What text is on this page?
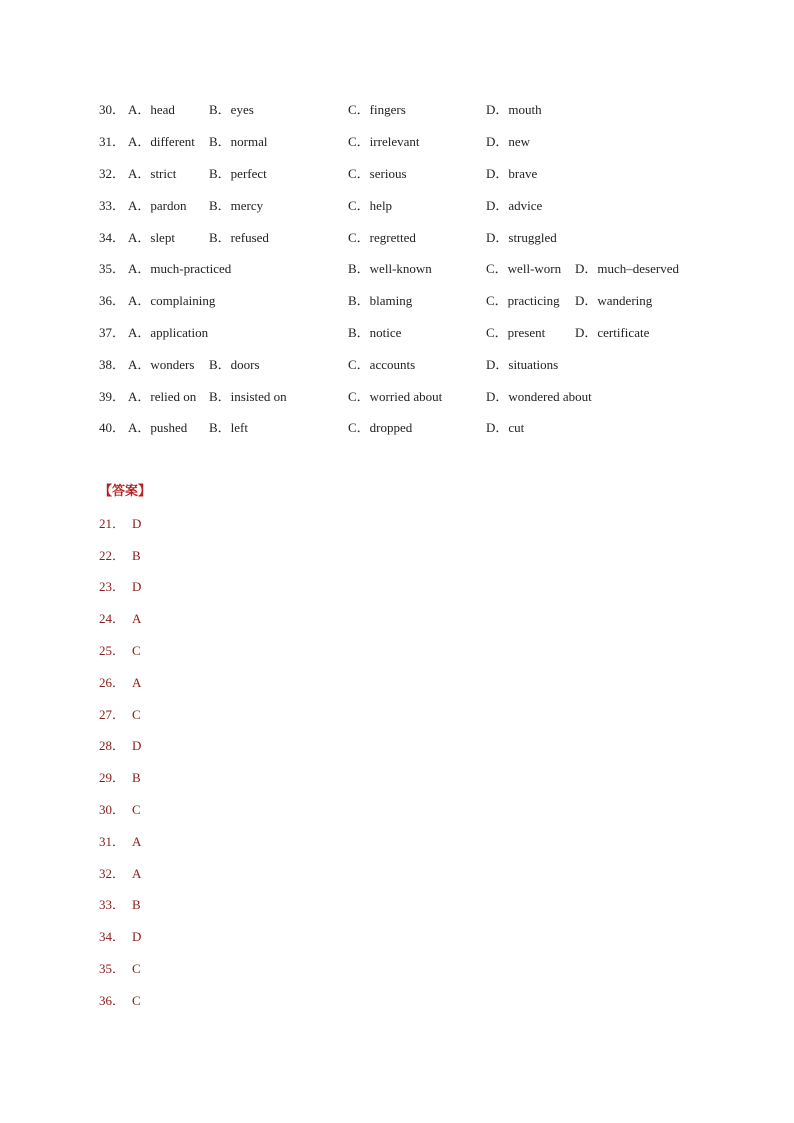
30． A．head	B．eyes	C．fingers	D．mouth
31． A．different B．normal	C．irrelevant	D．new
32． A．strict	B．perfect	C．serious	D．brave
33． A．pardon B．mercy	C．help	D．advice
34． A．slept	B．refused	C．regretted	D．struggled
35． A．much-practiced	B．well-known	C．well-worn D．much–deserved
36． A．complaining	B．blaming	C．practicing D．wandering
37． A．application	B．notice	C．present D．certificate
38． A．wonders B．doors	C．accounts	D．situations
39． A．relied on B．insisted on	C．worried about	D．wondered about
40． A．pushed B．left	C．dropped	D．cut
【答案】
21． D
22． B
23． D
24． A
25． C
26． A
27． C
28． D
29． B
30． C
31． A
32． A
33． B
34． D
35． C
36． C
